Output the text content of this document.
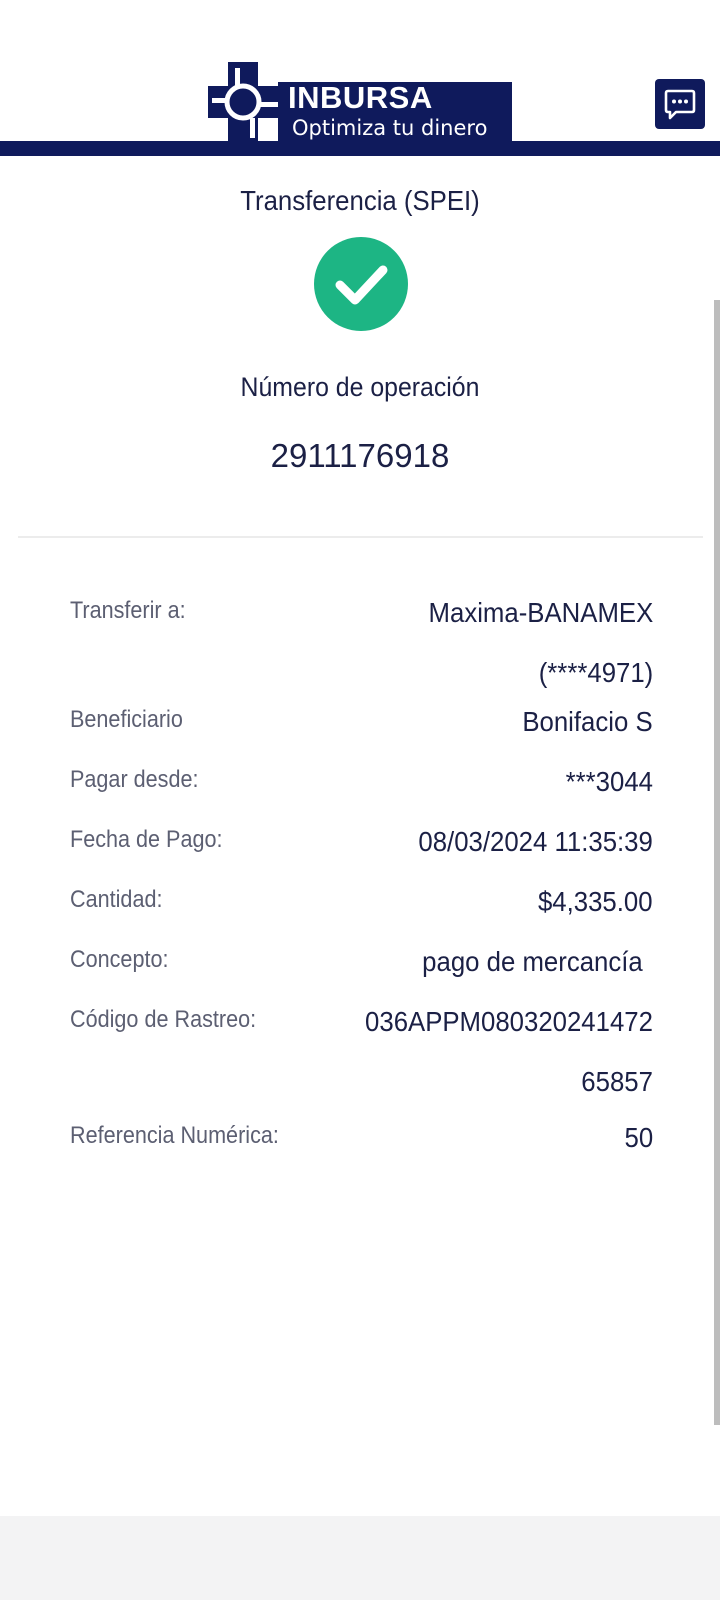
INBURSA
Optimiza tu dinero
Transferencia (SPEI)
Número de operación
2911176918
Transferir a:	Maxima-BANAMEX
(****4971)
Beneficiario	Bonifacio S
Pagar desde:	***3044
Fecha de Pago:	08/03/2024 11:35:39
Cantidad:	$4,335.00
Concepto:	pago de mercancía
Código de Rastreo:	036APPM080320241472
65857
Referencia Numérica:	50
